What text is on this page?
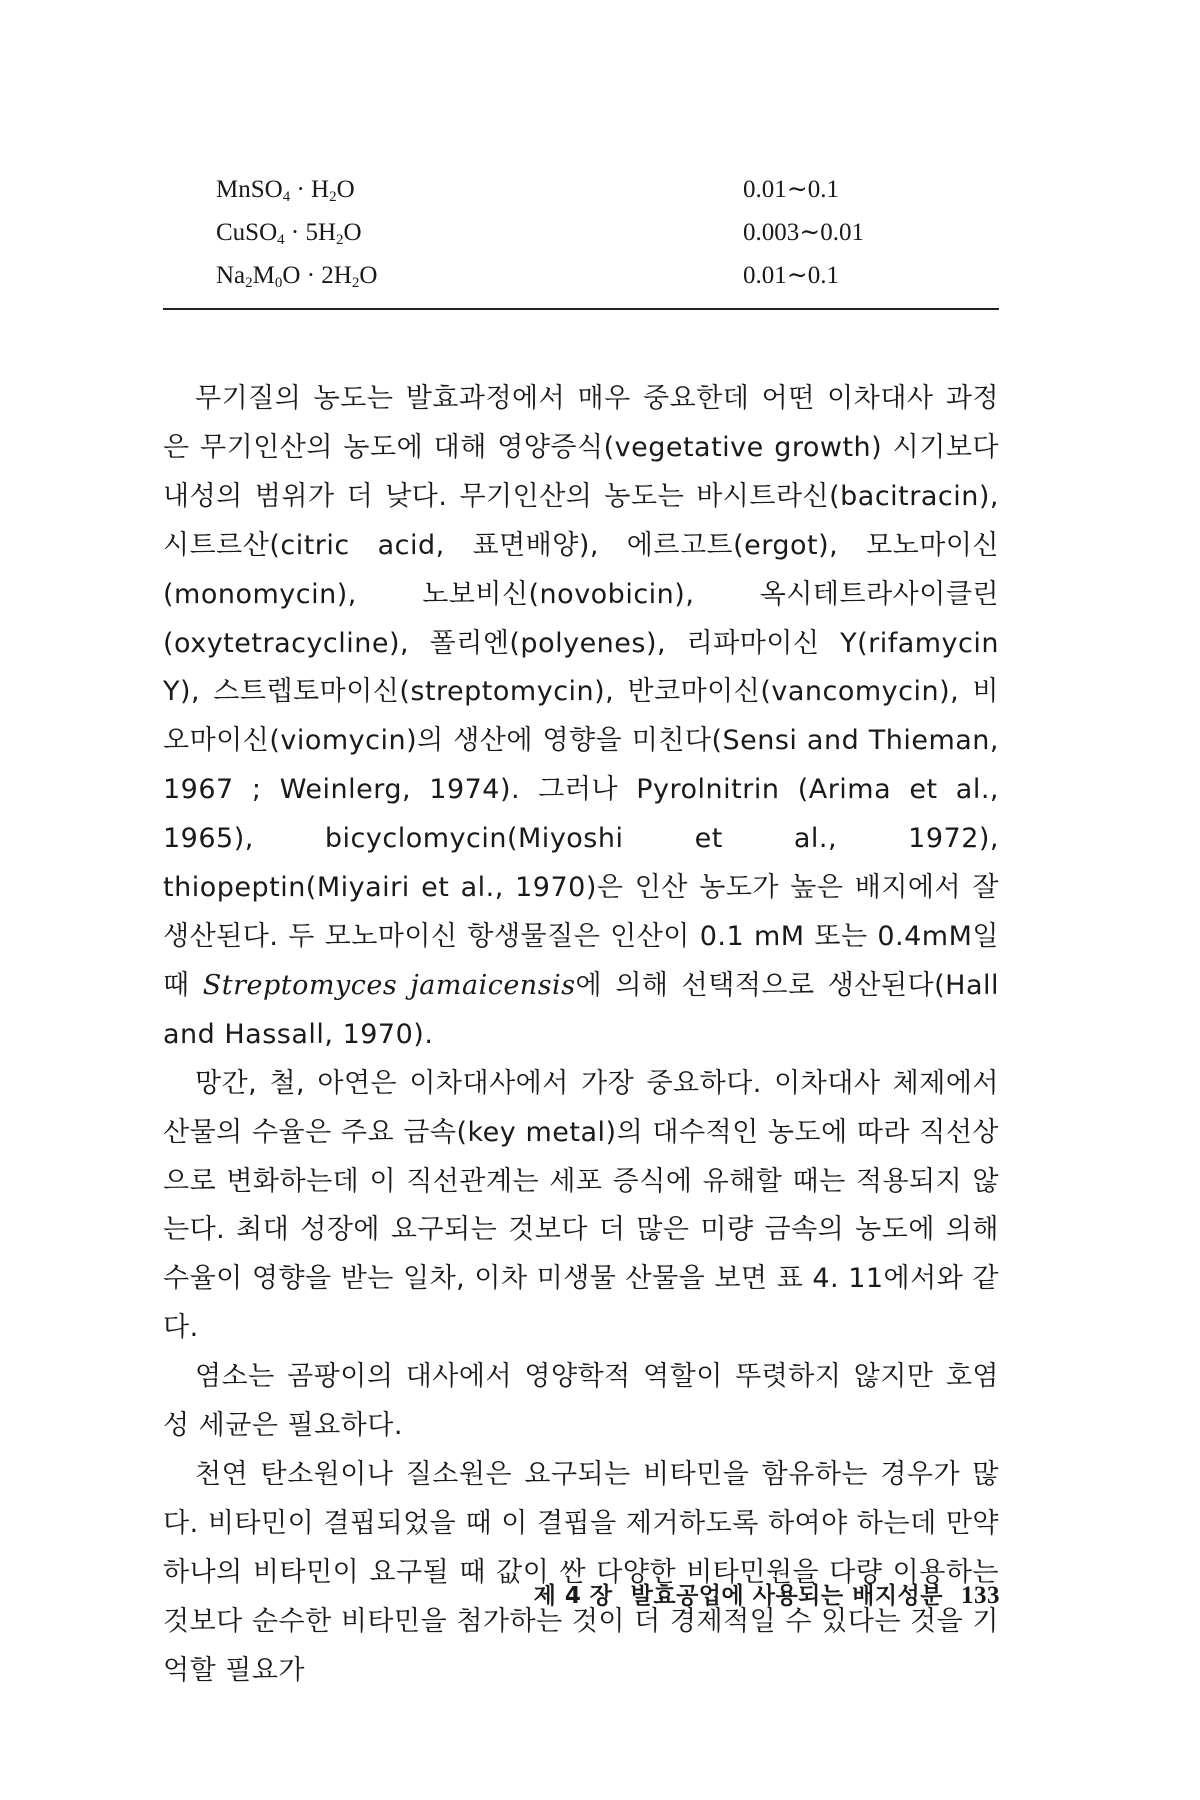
MnSO$_4$ · $H_2O$	0.01∼0.1
CuSO$_4$ · $5H_2O$	0.003∼0.01
$Na_2M_0O \cdot 2H_2O$	0.01∼0.1

무기질의 농도는 발효과정에서 매우 중요한데 어떤 이차대사 과정은 무기인산의 농도에 대해 영양증식(vegetative growth) 시기보다 내성의 범위가 더 낮다. 무기인산의 농도는 바시트라신(bacitracin), 시트르산(citric acid, 표면배양), 에르고트(ergot), 모노마이신(monomycin), 노보비신(novobicin), 옥시테트라사이클린(oxytetracycline), 폴리엔(polyenes), 리파마이신 Y(rifamycin Y), 스트렙토마이신(streptomycin), 반코마이신(vancomycin), 비오마이신(viomycin)의 생산에 영향을 미친다(Sensi and Thieman, 1967 ; Weinlerg, 1974). 그러나 Pyrolnitrin (Arima et al., 1965), bicyclomycin(Miyoshi et al., 1972), thiopeptin(Miyairi et al., 1970)은 인산 농도가 높은 배지에서 잘 생산된다. 두 모노마이신 항생물질은 인산이 0.1 mM 또는 0.4mM일 때 Streptomyces jamaicensis에 의해 선택적으로 생산된다(Hall and Hassall, 1970).

망간, 철, 아연은 이차대사에서 가장 중요하다. 이차대사 체제에서 산물의 수율은 주요 금속(key metal)의 대수적인 농도에 따라 직선상으로 변화하는데 이 직선관계는 세포 증식에 유해할 때는 적용되지 않는다. 최대 성장에 요구되는 것보다 더 많은 미량 금속의 농도에 의해 수율이 영향을 받는 일차, 이차 미생물 산물을 보면 표 4. 11에서와 같다.

염소는 곰팡이의 대사에서 영양학적 역할이 뚜렷하지 않지만 호염성 세균은 필요하다.

천연 탄소원이나 질소원은 요구되는 비타민을 함유하는 경우가 많다. 비타민이 결핍되었을 때 이 결핍을 제거하도록 하여야 하는데 만약 하나의 비타민이 요구될 때 값이 싼 다양한 비타민원을 다량 이용하는 것보다 순수한 비타민을 첨가하는 것이 더 경제적일 수 있다는 것을 기억할 필요가

제 4 장 발효공업에 사용되는 배지성분 133
